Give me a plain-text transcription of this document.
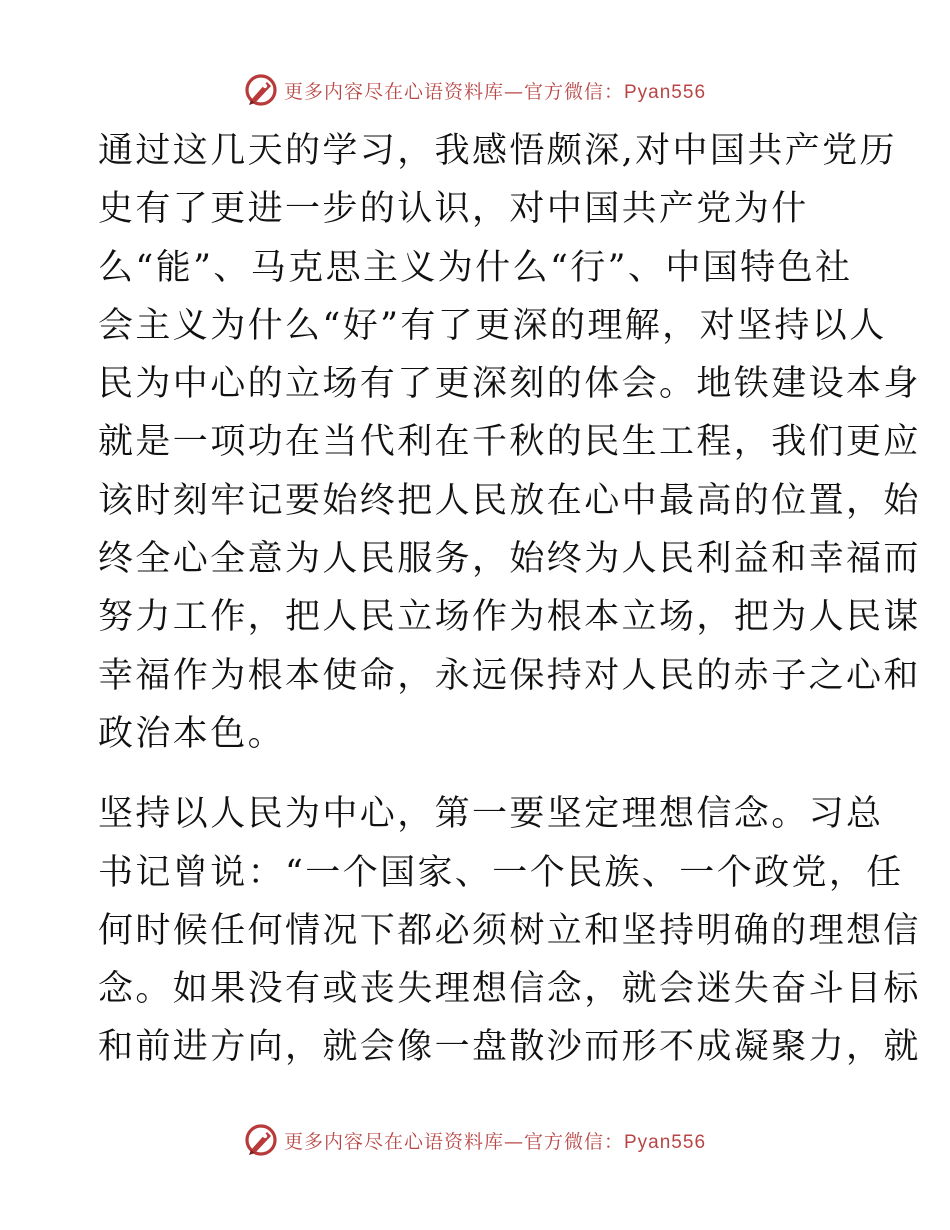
更多内容尽在心语资料库—官方微信：Pyan556

通过这几天的学习，我感悟颇深,对中国共产党历
史有了更进一步的认识，对中国共产党为什
么“能”、马克思主义为什么“行”、中国特色社
会主义为什么“好”有了更深的理解，对坚持以人
民为中心的立场有了更深刻的体会。地铁建设本身
就是一项功在当代利在千秋的民生工程，我们更应
该时刻牢记要始终把人民放在心中最高的位置，始
终全心全意为人民服务，始终为人民利益和幸福而
努力工作，把人民立场作为根本立场，把为人民谋
幸福作为根本使命，永远保持对人民的赤子之心和
政治本色。

坚持以人民为中心，第一要坚定理想信念。习总
书记曾说：“一个国家、一个民族、一个政党，任
何时候任何情况下都必须树立和坚持明确的理想信
念。如果没有或丧失理想信念，就会迷失奋斗目标
和前进方向，就会像一盘散沙而形不成凝聚力，就

更多内容尽在心语资料库—官方微信：Pyan556
